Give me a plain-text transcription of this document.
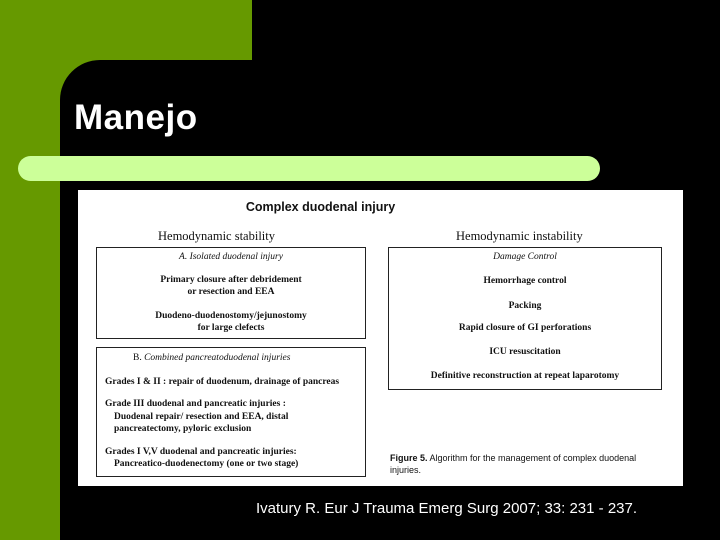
Manejo
Complex duodenal injury
Hemodynamic stability	Hemodynamic instability
A. Isolated duodenal injury
Primary closure after debridement
or resection and EEA
Duodeno-duodenostomy/jejunostomy
for large clefects
B. Combined pancreatoduodenal injuries
Grades I & II : repair of duodenum, drainage of pancreas
Grade III duodenal and pancreatic injuries :
Duodenal repair/ resection and EEA, distal
pancreatectomy, pyloric exclusion
Grades I V,V duodenal and pancreatic injuries:
Pancreatico-duodenectomy (one or two stage)
Damage Control
Hemorrhage control
Packing
Rapid closure of GI perforations
ICU resuscitation
Definitive reconstruction at repeat laparotomy
Figure 5. Algorithm for the management of complex duodenal injuries.

Ivatury R. Eur J Trauma Emerg Surg 2007; 33: 231 - 237.
